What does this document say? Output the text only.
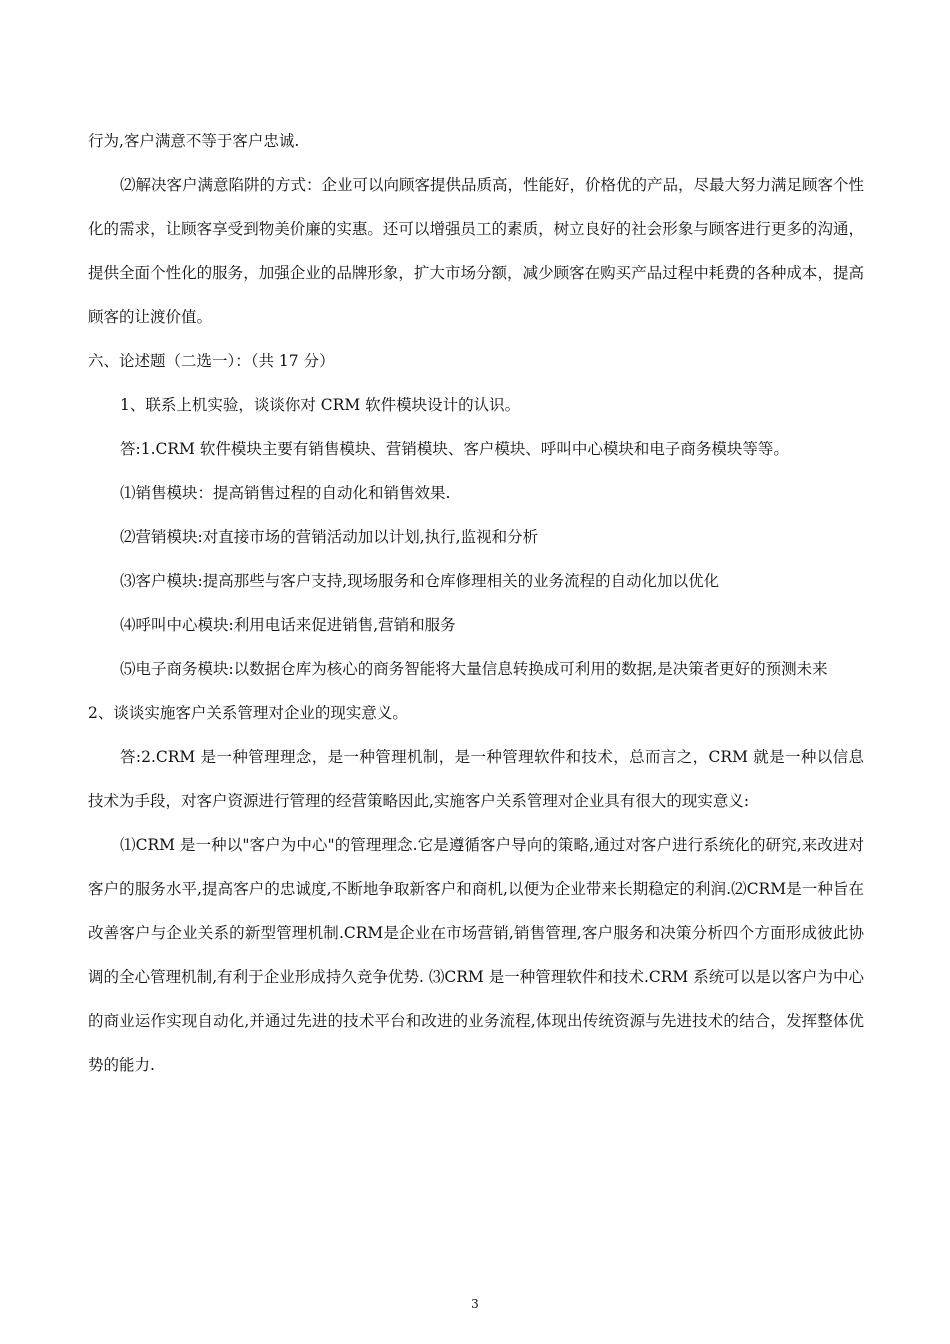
行为,客户满意不等于客户忠诚.

⑵解决客户满意陷阱的方式：企业可以向顾客提供品质高，性能好，价格优的产品，尽最大努力满足顾客个性化的需求，让顾客享受到物美价廉的实惠。还可以增强员工的素质，树立良好的社会形象与顾客进行更多的沟通，提供全面个性化的服务，加强企业的品牌形象，扩大市场分额，减少顾客在购买产品过程中耗费的各种成本，提高顾客的让渡价值。

六、论述题（二选一）：（共 17 分）

1、联系上机实验，谈谈你对 CRM 软件模块设计的认识。

答:1.CRM 软件模块主要有销售模块、营销模块、客户模块、呼叫中心模块和电子商务模块等等。

⑴销售模块：提高销售过程的自动化和销售效果.

⑵营销模块:对直接市场的营销活动加以计划,执行,监视和分析

⑶客户模块:提高那些与客户支持,现场服务和仓库修理相关的业务流程的自动化加以优化

⑷呼叫中心模块:利用电话来促进销售,营销和服务

⑸电子商务模块:以数据仓库为核心的商务智能将大量信息转换成可利用的数据,是决策者更好的预测未来

2、谈谈实施客户关系管理对企业的现实意义。

答:2.CRM 是一种管理理念，是一种管理机制，是一种管理软件和技术，总而言之，CRM 就是一种以信息技术为手段，对客户资源进行管理的经营策略因此,实施客户关系管理对企业具有很大的现实意义:

⑴CRM 是一种以"客户为中心"的管理理念.它是遵循客户导向的策略,通过对客户进行系统化的研究,来改进对客户的服务水平,提高客户的忠诚度,不断地争取新客户和商机,以便为企业带来长期稳定的利润.⑵CRM是一种旨在改善客户与企业关系的新型管理机制.CRM是企业在市场营销,销售管理,客户服务和决策分析四个方面形成彼此协调的全心管理机制,有利于企业形成持久竞争优势. ⑶CRM 是一种管理软件和技术.CRM 系统可以是以客户为中心的商业运作实现自动化,并通过先进的技术平台和改进的业务流程,体现出传统资源与先进技术的结合，发挥整体优势的能力.

3
